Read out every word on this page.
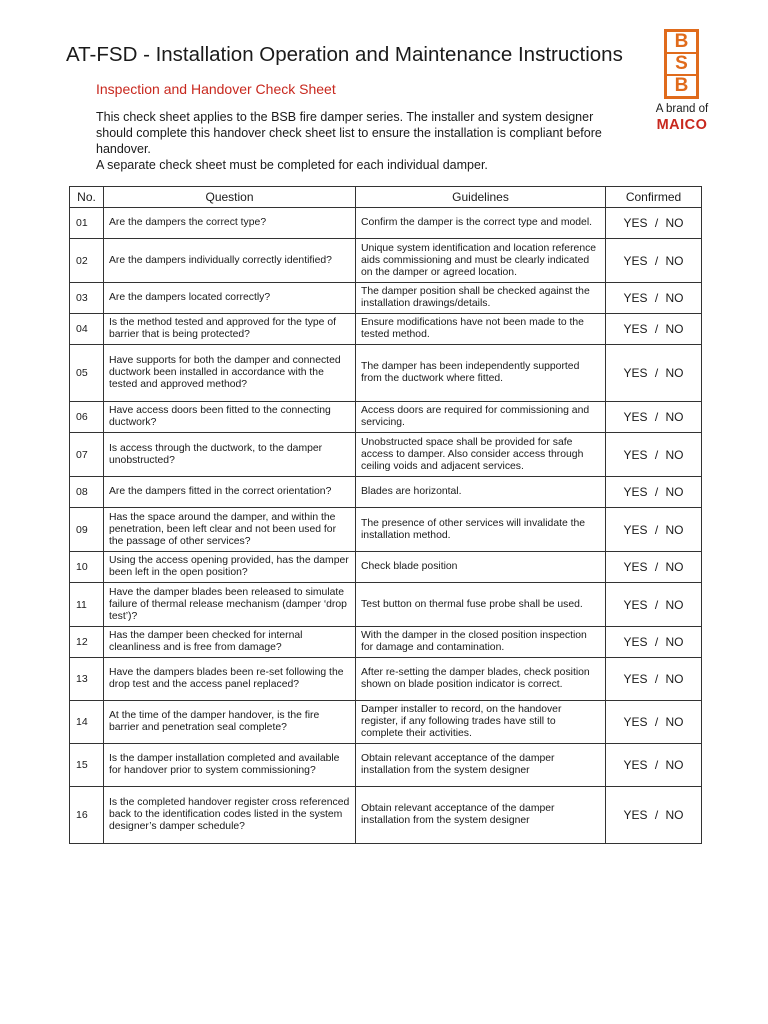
AT-FSD - Installation Operation and Maintenance Instructions
Inspection and Handover Check Sheet

This check sheet applies to the BSB fire damper series. The installer and system designer should complete this handover check sheet list to ensure the installation is compliant before handover.

A separate check sheet must be completed for each individual damper.

B
S
B
A brand of
MAICO
No.	Question	Guidelines	Confirmed
01	Are the dampers the correct type?	Confirm the damper is the correct type and model.	YES / NO
02	Are the dampers individually correctly identified?	Unique system identification and location reference aids commissioning and must be clearly indicated on the damper or agreed location.	YES / NO
03	Are the dampers located correctly?	The damper position shall be checked against the installation drawings/details.	YES / NO
04	Is the method tested and approved for the type of barrier that is being protected?	Ensure modifications have not been made to the tested method.	YES / NO
05	Have supports for both the damper and connected ductwork been installed in accordance with the tested and approved method?	The damper has been independently supported from the ductwork where fitted.	YES / NO
06	Have access doors been fitted to the connecting ductwork?	Access doors are required for commissioning and servicing.	YES / NO
07	Is access through the ductwork, to the damper unobstructed?	Unobstructed space shall be provided for safe access to damper. Also consider access through ceiling voids and adjacent services.	YES / NO
08	Are the dampers fitted in the correct orientation?	Blades are horizontal.	YES / NO
09	Has the space around the damper, and within the penetration, been left clear and not been used for the passage of other services?	The presence of other services will invalidate the installation method.	YES / NO
10	Using the access opening provided, has the damper been left in the open position?	Check blade position	YES / NO
11	Have the damper blades been released to simulate failure of thermal release mechanism (damper ‘drop test’)?	Test button on thermal fuse probe shall be used.	YES / NO
12	Has the damper been checked for internal cleanliness and is free from damage?	With the damper in the closed position inspection for damage and contamination.	YES / NO
13	Have the dampers blades been re-set following the drop test and the access panel replaced?	After re-setting the damper blades, check position shown on blade position indicator is correct.	YES / NO
14	At the time of the damper handover, is the fire barrier and penetration seal complete?	Damper installer to record, on the handover register, if any following trades have still to complete their activities.	YES / NO
15	Is the damper installation completed and available for handover prior to system commissioning?	Obtain relevant acceptance of the damper installation from the system designer	YES / NO
16	Is the completed handover register cross referenced back to the identification codes listed in the system designer’s damper schedule?	Obtain relevant acceptance of the damper installation from the system designer	YES / NO
